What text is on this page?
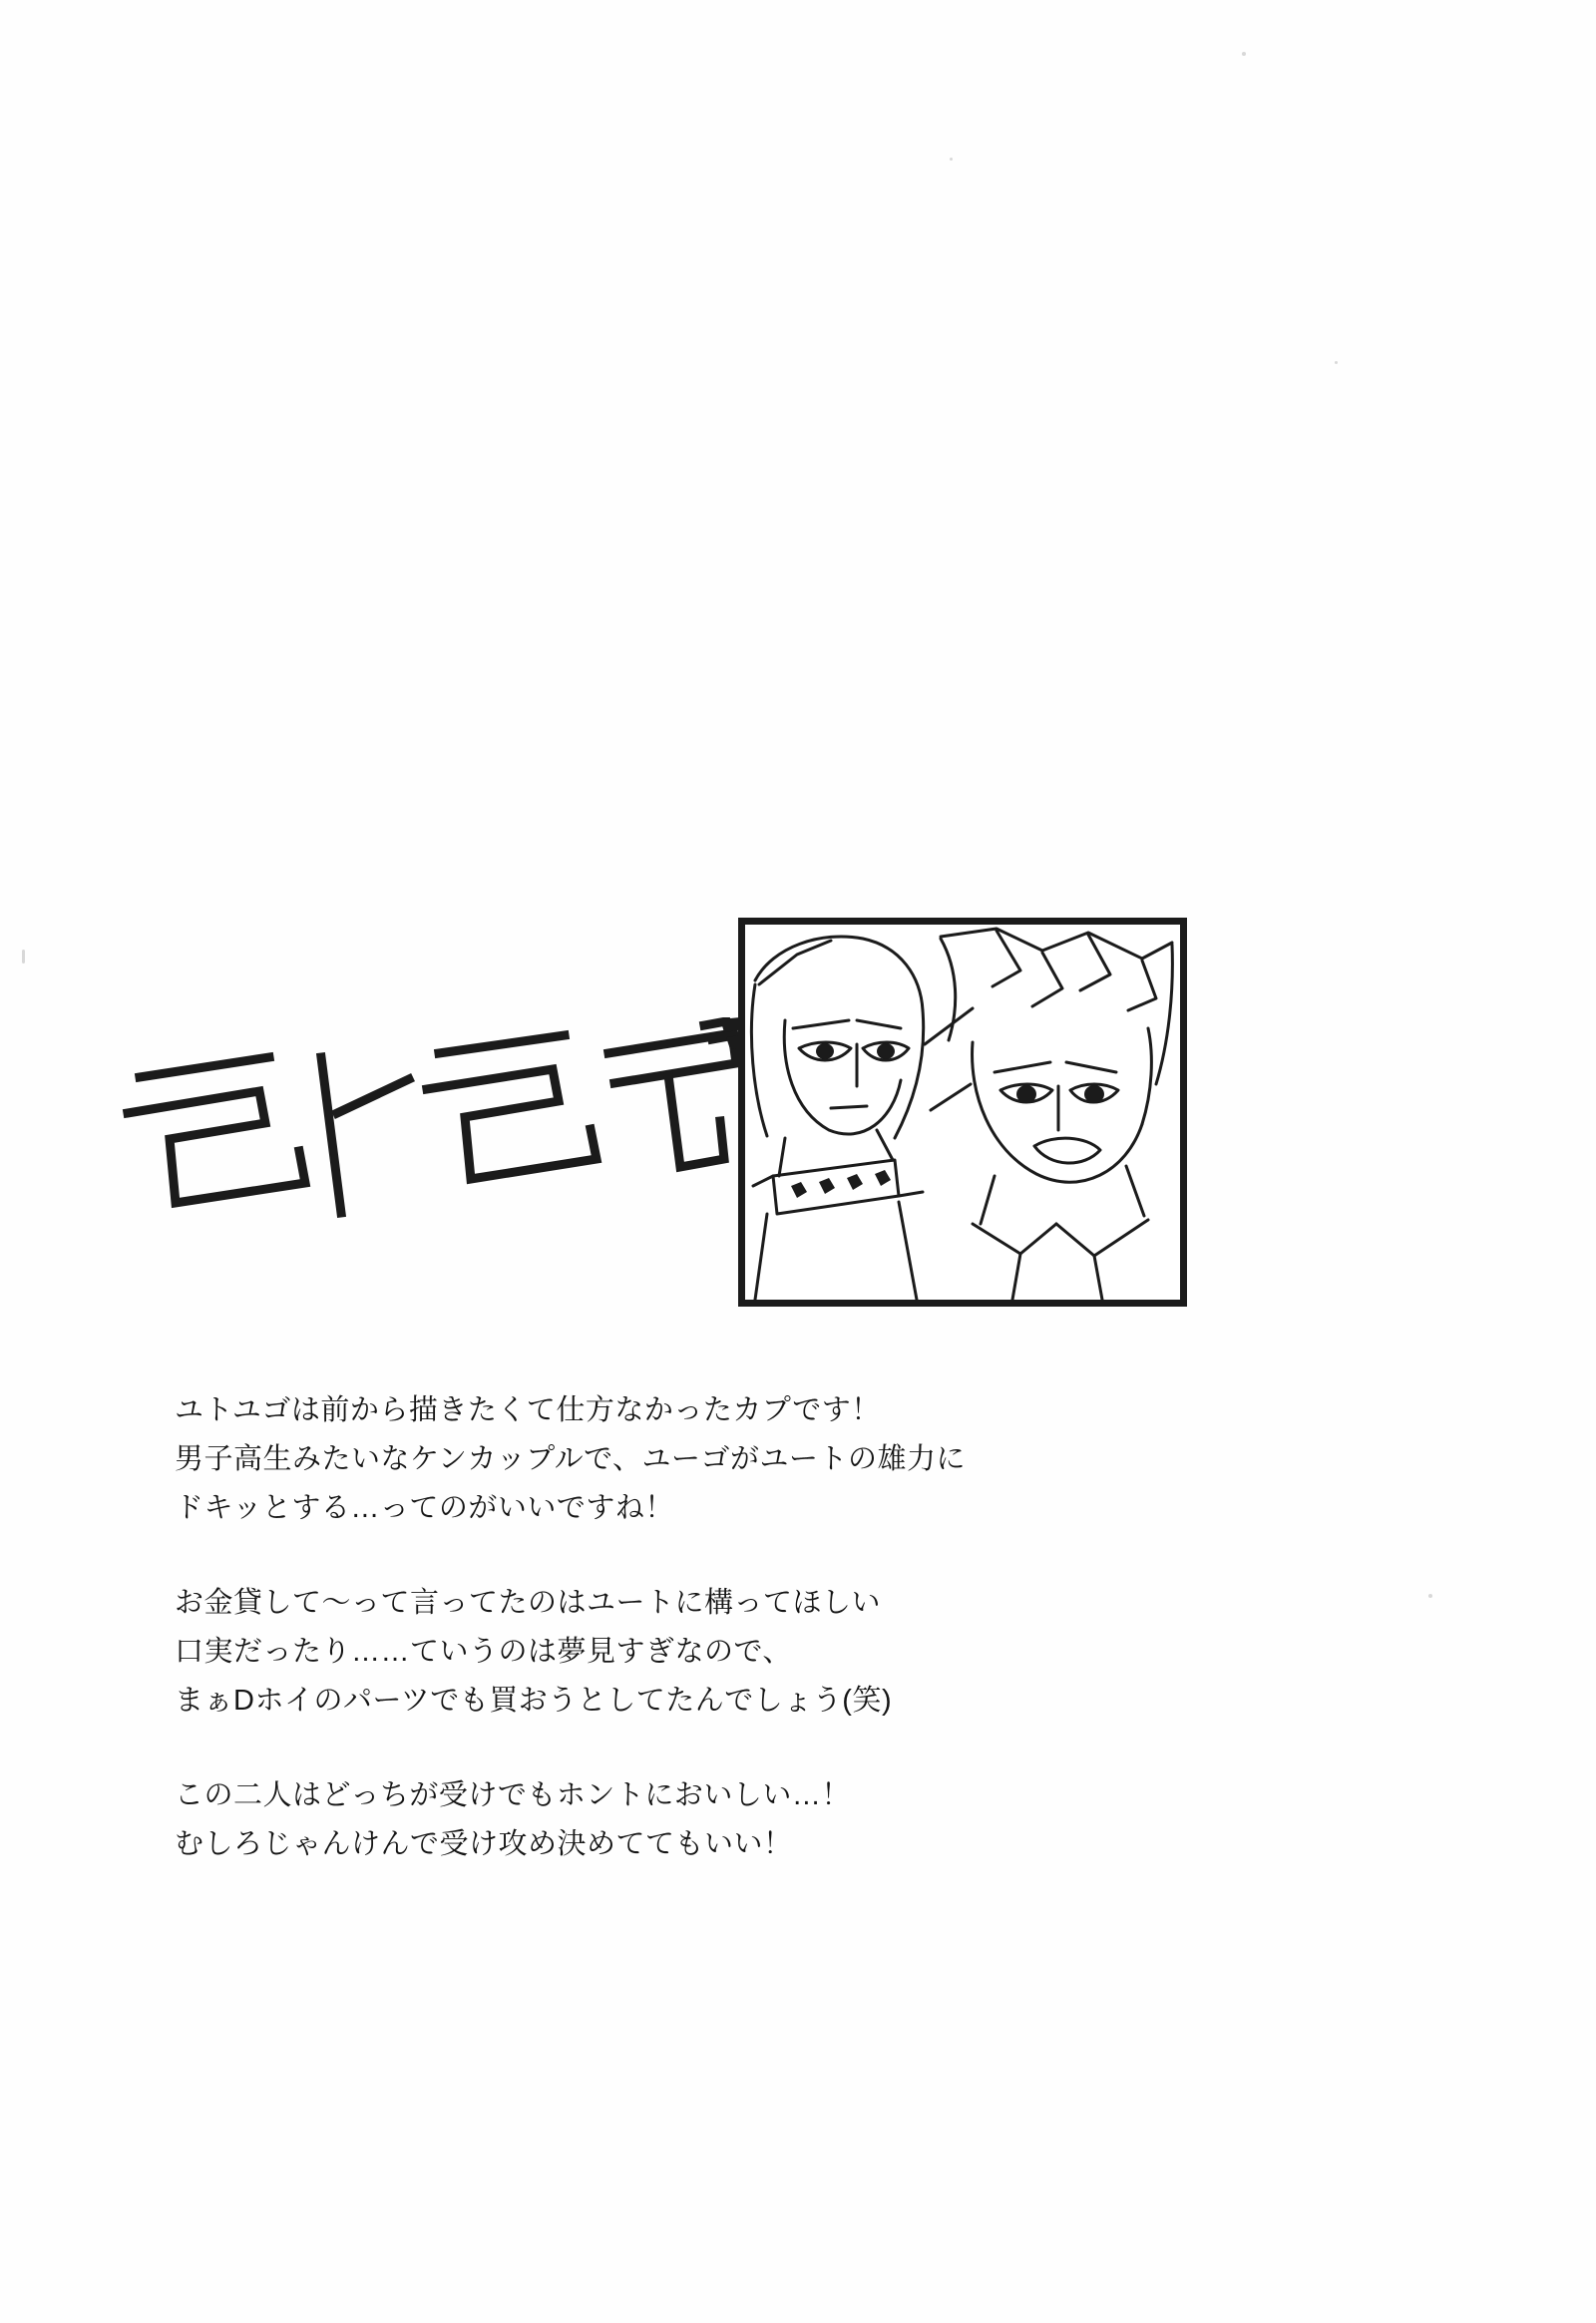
ユトユゴは前から描きたくて仕方なかったカプです！
男子高生みたいなケンカップルで、ユーゴがユートの雄力に
ドキッとする…ってのがいいですね！

お金貸して〜って言ってたのはユートに構ってほしい
口実だったり……ていうのは夢見すぎなので、
まぁDホイのパーツでも買おうとしてたんでしょう(笑)

この二人はどっちが受けでもホントにおいしい…！
むしろじゃんけんで受け攻め決めててもいい！
